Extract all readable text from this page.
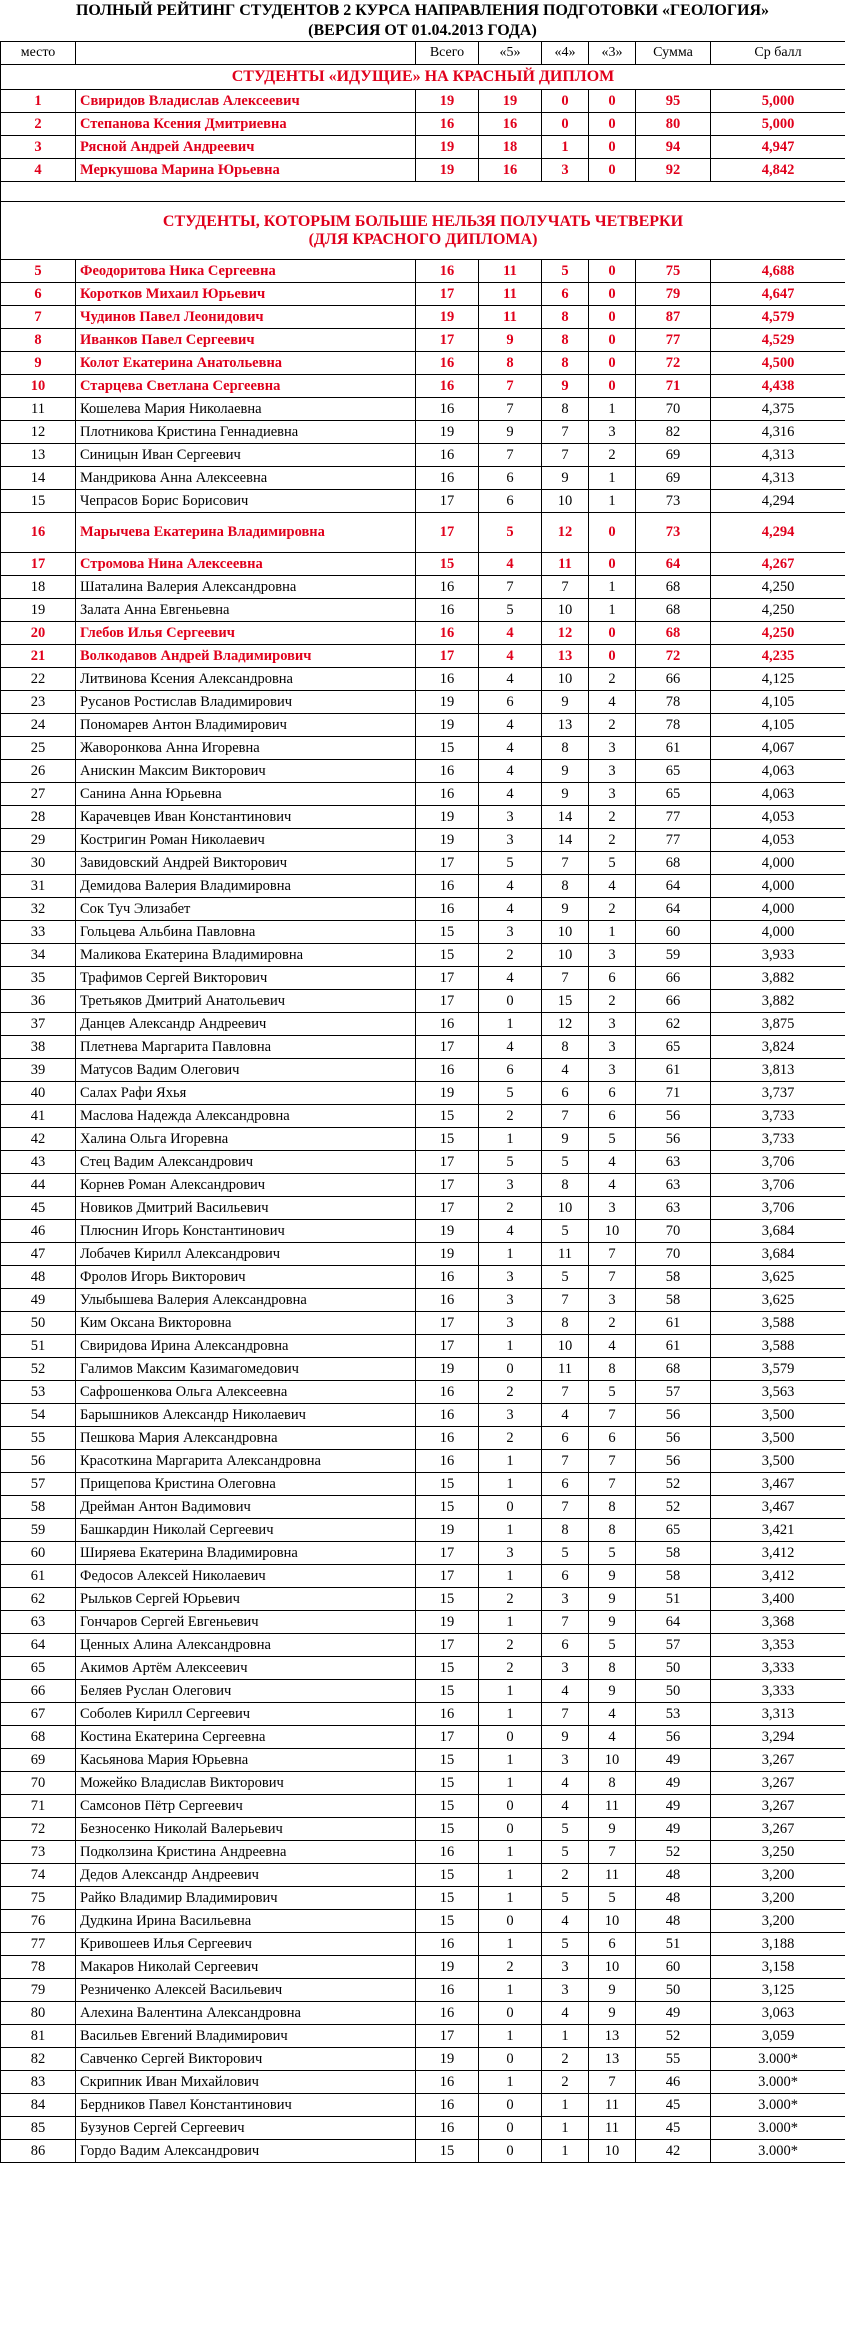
ПОЛНЫЙ РЕЙТИНГ СТУДЕНТОВ 2 КУРСА НАПРАВЛЕНИЯ ПОДГОТОВКИ «ГЕОЛОГИЯ»
(ВЕРСИЯ ОТ 01.04.2013 ГОДА)
место		Всего	«5»	«4»	«3»	Сумма	Ср балл
СТУДЕНТЫ «ИДУЩИЕ» НА КРАСНЫЙ ДИПЛОМ							
1	Свиридов Владислав Алексеевич	19	19	0	0	95	5,000
2	Степанова Ксения Дмитриевна	16	16	0	0	80	5,000
3	Рясной Андрей Андреевич	19	18	1	0	94	4,947
4	Меркушова Марина Юрьевна	19	16	3	0	92	4,842

СТУДЕНТЫ, КОТОРЫМ БОЛЬШЕ НЕЛЬЗЯ ПОЛУЧАТЬ ЧЕТВЕРКИ
(ДЛЯ КРАСНОГО ДИПЛОМА)							

5	Феодоритова Ника Сергеевна	16	11	5	0	75	4,688
6	Коротков Михаил Юрьевич	17	11	6	0	79	4,647
7	Чудинов Павел Леонидович	19	11	8	0	87	4,579
8	Иванков Павел Сергеевич	17	9	8	0	77	4,529
9	Колот Екатерина Анатольевна	16	8	8	0	72	4,500
10	Старцева Светлана Сергеевна	16	7	9	0	71	4,438
11	Кошелева Мария Николаевна	16	7	8	1	70	4,375
12	Плотникова Кристина Геннадиевна	19	9	7	3	82	4,316
13	Синицын Иван Сергеевич	16	7	7	2	69	4,313
14	Мандрикова Анна Алексеевна	16	6	9	1	69	4,313
15	Чепрасов Борис Борисович	17	6	10	1	73	4,294
16	Марычева Екатерина Владимировна	17	5	12	0	73	4,294
17	Стромова Нина Алексеевна	15	4	11	0	64	4,267
18	Шаталина Валерия Александровна	16	7	7	1	68	4,250
19	Залата Анна Евгеньевна	16	5	10	1	68	4,250
20	Глебов Илья Сергеевич	16	4	12	0	68	4,250
21	Волкодавов Андрей Владимирович	17	4	13	0	72	4,235
22	Литвинова Ксения Александровна	16	4	10	2	66	4,125
23	Русанов Ростислав Владимирович	19	6	9	4	78	4,105
24	Пономарев Антон Владимирович	19	4	13	2	78	4,105
25	Жаворонкова Анна Игоревна	15	4	8	3	61	4,067
26	Анискин Максим Викторович	16	4	9	3	65	4,063
27	Санина Анна Юрьевна	16	4	9	3	65	4,063
28	Карачевцев Иван Константинович	19	3	14	2	77	4,053
29	Костригин Роман Николаевич	19	3	14	2	77	4,053
30	Завидовский Андрей Викторович	17	5	7	5	68	4,000
31	Демидова Валерия Владимировна	16	4	8	4	64	4,000
32	Сок Туч Элизабет	16	4	9	2	64	4,000
33	Гольцева Альбина Павловна	15	3	10	1	60	4,000
34	Маликова Екатерина Владимировна	15	2	10	3	59	3,933
35	Трафимов Сергей Викторович	17	4	7	6	66	3,882
36	Третьяков Дмитрий Анатольевич	17	0	15	2	66	3,882
37	Данцев Александр Андреевич	16	1	12	3	62	3,875
38	Плетнева Маргарита Павловна	17	4	8	3	65	3,824
39	Матусов Вадим Олегович	16	6	4	3	61	3,813
40	Салах Рафи Яхья	19	5	6	6	71	3,737
41	Маслова Надежда Александровна	15	2	7	6	56	3,733
42	Халина Ольга Игоревна	15	1	9	5	56	3,733
43	Стец Вадим Александрович	17	5	5	4	63	3,706
44	Корнев Роман Александрович	17	3	8	4	63	3,706
45	Новиков Дмитрий Васильевич	17	2	10	3	63	3,706
46	Плюснин Игорь Константинович	19	4	5	10	70	3,684
47	Лобачев Кирилл Александрович	19	1	11	7	70	3,684
48	Фролов Игорь Викторович	16	3	5	7	58	3,625
49	Улыбышева Валерия Александровна	16	3	7	3	58	3,625
50	Ким Оксана Викторовна	17	3	8	2	61	3,588
51	Свиридова Ирина Александровна	17	1	10	4	61	3,588
52	Галимов Максим Казимагомедович	19	0	11	8	68	3,579
53	Сафрошенкова Ольга Алексеевна	16	2	7	5	57	3,563
54	Барышников Александр Николаевич	16	3	4	7	56	3,500
55	Пешкова Мария Александровна	16	2	6	6	56	3,500
56	Красоткина Маргарита Александровна	16	1	7	7	56	3,500
57	Прищепова Кристина Олеговна	15	1	6	7	52	3,467
58	Дрейман Антон Вадимович	15	0	7	8	52	3,467
59	Башкардин Николай Сергеевич	19	1	8	8	65	3,421
60	Ширяева Екатерина Владимировна	17	3	5	5	58	3,412
61	Федосов Алексей Николаевич	17	1	6	9	58	3,412
62	Рыльков Сергей Юрьевич	15	2	3	9	51	3,400
63	Гончаров Сергей Евгеньевич	19	1	7	9	64	3,368
64	Ценных Алина Александровна	17	2	6	5	57	3,353
65	Акимов Артём Алексеевич	15	2	3	8	50	3,333
66	Беляев Руслан Олегович	15	1	4	9	50	3,333
67	Соболев Кирилл Сергеевич	16	1	7	4	53	3,313
68	Костина Екатерина Сергеевна	17	0	9	4	56	3,294
69	Касьянова Мария Юрьевна	15	1	3	10	49	3,267
70	Можейко Владислав Викторович	15	1	4	8	49	3,267
71	Самсонов Пётр Сергеевич	15	0	4	11	49	3,267
72	Безносенко Николай Валерьевич	15	0	5	9	49	3,267
73	Подколзина Кристина Андреевна	16	1	5	7	52	3,250
74	Дедов Александр Андреевич	15	1	2	11	48	3,200
75	Райко Владимир Владимирович	15	1	5	5	48	3,200
76	Дудкина Ирина Васильевна	15	0	4	10	48	3,200
77	Кривошеев Илья Сергеевич	16	1	5	6	51	3,188
78	Макаров Николай Сергеевич	19	2	3	10	60	3,158
79	Резниченко Алексей Васильевич	16	1	3	9	50	3,125
80	Алехина Валентина Александровна	16	0	4	9	49	3,063
81	Васильев Евгений Владимирович	17	1	1	13	52	3,059
82	Савченко Сергей Викторович	19	0	2	13	55	3.000*
83	Скрипник Иван Михайлович	16	1	2	7	46	3.000*
84	Бердников Павел Константинович	16	0	1	11	45	3.000*
85	Бузунов Сергей Сергеевич	16	0	1	11	45	3.000*
86	Гордо Вадим Александрович	15	0	1	10	42	3.000*
